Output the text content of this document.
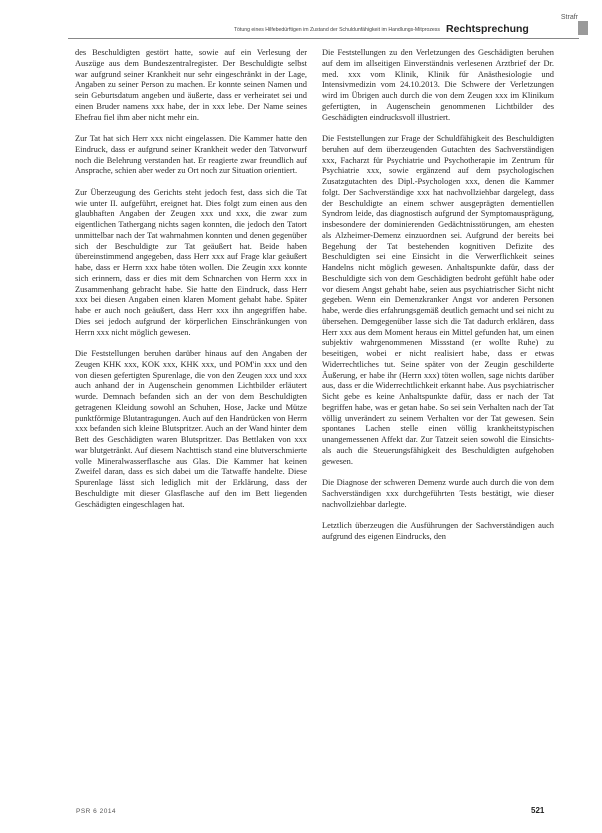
Strafr
Tötung eines Hilfebedürftigen im Zustand der Schuldunfähigkeit im Handlungs-Mitprozess Rechtsprechung

des Beschuldigten gestört hatte, sowie auf ein Verlesung der Auszüge aus dem Bundeszentralregister. Der Beschuldigte selbst war aufgrund seiner Krankheit nur sehr eingeschränkt in der Lage, Angaben zu seiner Person zu machen. Er konnte seinen Namen und sein Geburtsdatum angeben und äußerte, dass er verheiratet sei und einen Bruder namens xxx habe, der in xxx lebe. Der Name seines Ehefrau fiel ihm aber nicht mehr ein.

Zur Tat hat sich Herr xxx nicht eingelassen. Die Kammer hatte den Eindruck, dass er aufgrund seiner Krankheit weder den Tatvorwurf noch die Belehrung verstanden hat. Er reagierte zwar freundlich auf Ansprache, schien aber weder zu Ort noch zur Situation orientiert.

Zur Überzeugung des Gerichts steht jedoch fest, dass sich die Tat wie unter II. aufgeführt, ereignet hat. Dies folgt zum einen aus den glaubhaften Angaben der Zeugen xxx und xxx, die zwar zum eigentlichen Tathergang nichts sagen konnten, die jedoch den Tatort unmittelbar nach der Tat wahrnahmen konnten und denen gegenüber sich der Beschuldigte zur Tat geäußert hat. Beide haben übereinstimmend angegeben, dass Herr xxx auf Frage klar geäußert habe, dass er Herrn xxx habe töten wollen. Die Zeugin xxx konnte sich erinnern, dass er dies mit dem Schnarchen von Herrn xxx in Zusammenhang gebracht habe. Sie hatte den Eindruck, dass Herr xxx bei diesen Angaben einen klaren Moment gehabt habe. Später habe er auch noch geäußert, dass Herr xxx ihn angegriffen habe. Dies sei jedoch aufgrund der körperlichen Einschränkungen von Herrn xxx nicht möglich gewesen.

Die Feststellungen beruhen darüber hinaus auf den Angaben der Zeugen KHK xxx, KOK xxx, KHK xxx, und POM'in xxx und den von diesen gefertigten Spurenlage, die von den Zeugen xxx und xxx auch anhand der in Augenschein genommen Lichtbilder erläutert wurde. Demnach befanden sich an der von dem Beschuldigten getragenen Kleidung sowohl an Schuhen, Hose, Jacke und Mütze punktförmige Blutantragungen. Auch auf den Handrücken von Herrn xxx befanden sich kleine Blutspritzer. Auch an der Wand hinter dem Bett des Geschädigten waren Blutspritzer. Das Bettlaken von xxx war blutgetränkt. Auf diesem Nachttisch stand eine blutverschmierte volle Mineralwasserflasche aus Glas. Die Kammer hat keinen Zweifel daran, dass es sich dabei um die Tatwaffe handelte. Diese Spurenlage lässt sich lediglich mit der Erklärung, dass der Beschuldigte mit dieser Glasflasche auf den im Bett liegenden Geschädigten eingeschlagen hat.

Die Feststellungen zu den Verletzungen des Geschädigten beruhen auf dem im allseitigen Einverständnis verlesenen Arztbrief der Dr. med. xxx vom Klinik, Klinik für Anästhesiologie und Intensivmedizin vom 24.10.2013. Die Schwere der Verletzungen wird im Übrigen auch durch die von dem Zeugen xxx im Klinikum gefertigten, in Augenschein genommenen Lichtbilder des Geschädigten eindrucksvoll illustriert.

Die Feststellungen zur Frage der Schuldfähigkeit des Beschuldigten beruhen auf dem überzeugenden Gutachten des Sachverständigen xxx, Facharzt für Psychiatrie und Psychotherapie im Zentrum für Psychiatrie xxx, sowie ergänzend auf dem psychologischen Zusatzgutachten des Dipl.-Psychologen xxx, denen die Kammer folgt. Der Sachverständige xxx hat nachvollziehbar dargelegt, dass der Beschuldigte an einem schwer ausgeprägten dementiellen Syndrom leide, das diagnostisch aufgrund der Symptomausprägung, insbesondere der dominierenden Gedächtnisstörungen, am ehesten als Alzheimer-Demenz einzuordnen sei. Aufgrund der bereits bei Begehung der Tat bestehenden kognitiven Defizite des Beschuldigten sei eine Einsicht in die Verwerflichkeit seines Handelns nicht möglich gewesen. Anhaltspunkte dafür, dass der Beschuldigte sich von dem Geschädigten bedroht gefühlt habe oder vor diesem Angst gehabt habe, seien aus psychiatrischer Sicht nicht gegeben. Wenn ein Demenzkranker Angst vor anderen Personen habe, werde dies erfahrungsgemäß deutlich gemacht und sei nicht zu übersehen. Demgegenüber lasse sich die Tat dadurch erklären, dass Herr xxx aus dem Moment heraus ein Mittel gefunden hat, um einen subjektiv wahrgenommenen Missstand (er wollte Ruhe) zu beseitigen, wobei er nicht realisiert habe, dass er etwas Widerrechtliches tut. Seine später von der Zeugin geschilderte Äußerung, er habe ihr (Herrn xxx) töten wollen, sage nichts darüber aus, dass er die Widerrechtlichkeit erkannt habe. Aus psychiatrischer Sicht gebe es keine Anhaltspunkte dafür, dass er nach der Tat begriffen habe, was er getan habe. So sei sein Verhalten nach der Tat völlig unverändert zu seinem Verhalten vor der Tat gewesen. Sein spontanes Lachen stelle einen völlig krankheitstypischen unangemessenen Affekt dar. Zur Tatzeit seien sowohl die Einsichts- als auch die Steuerungsfähigkeit des Beschuldigten aufgehoben gewesen.

Die Diagnose der schweren Demenz wurde auch durch die von dem Sachverständigen xxx durchgeführten Tests bestätigt, wie dieser nachvollziehbar darlegte.

Letztlich überzeugen die Ausführungen der Sachverständigen auch aufgrund des eigenen Eindrucks, den

PSR 6 2014	521
